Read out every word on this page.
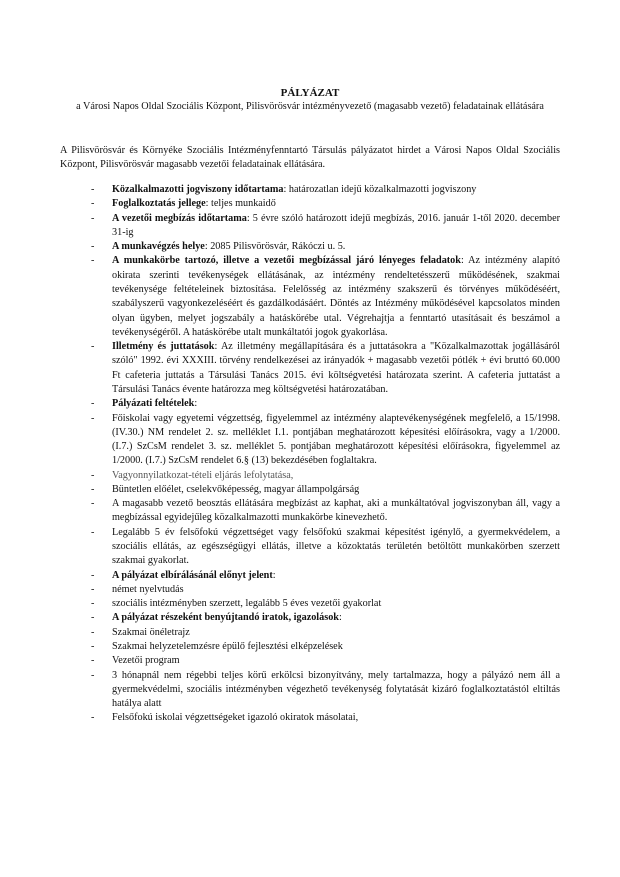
PÁLYÁZAT
a Városi Napos Oldal Szociális Központ, Pilisvörösvár intézményvezető (magasabb vezető) feladatainak ellátására
A Pilisvörösvár és Környéke Szociális Intézményfenntartó Társulás pályázatot hirdet a Városi Napos Oldal Szociális Központ, Pilisvörösvár magasabb vezetői feladatainak ellátására.
- Közalkalmazotti jogviszony időtartama: határozatlan idejű közalkalmazotti jogviszony
- Foglalkoztatás jellege: teljes munkaidő
- A vezetői megbízás időtartama: 5 évre szóló határozott idejű megbízás, 2016. január 1-től 2020. december 31-ig
- A munkavégzés helye: 2085 Pilisvörösvár, Rákóczi u. 5.
- A munkakörbe tartozó, illetve a vezetői megbízással járó lényeges feladatok: Az intézmény alapító okirata szerinti tevékenységek ellátásának, az intézmény rendeltetésszerű működésének, szakmai tevékenysége feltételeinek biztosítása. Felelősség az intézmény szakszerű és törvényes működéséért, szabályszerű vagyonkezeléséért és gazdálkodásáért. Döntés az Intézmény működésével kapcsolatos minden olyan ügyben, melyet jogszabály a hatáskörébe utal. Végrehajtja a fenntartó utasításait és beszámol a tevékenységéről. A hatáskörébe utalt munkáltatói jogok gyakorlása.
- Illetmény és juttatások: Az illetmény megállapítására és a juttatásokra a "Közalkalmazottak jogállásáról szóló" 1992. évi XXXIII. törvény rendelkezései az irányadók + magasabb vezetői pótlék + évi bruttó 60.000 Ft cafeteria juttatás a Társulási Tanács 2015. évi költségvetési határozata szerint. A cafeteria juttatást a Társulási Tanács évente határozza meg költségvetési határozatában.
- Pályázati feltételek:
- Főiskolai vagy egyetemi végzettség, figyelemmel az intézmény alaptevékenységének megfelelő, a 15/1998. (IV.30.) NM rendelet 2. sz. melléklet I.1. pontjában meghatározott képesítési előírásokra, vagy a 1/2000. (I.7.) SzCsM rendelet 3. sz. melléklet 5. pontjában meghatározott képesítési előírásokra, figyelemmel az 1/2000. (I.7.) SzCsM rendelet 6.§ (13) bekezdésében foglaltakra.
- Vagyonnyilatkozat-tételi eljárás lefolytatása,
- Büntetlen előélet, cselekvőképesség, magyar állampolgárság
- A magasabb vezető beosztás ellátására megbízást az kaphat, aki a munkáltatóval jogviszonyban áll, vagy a megbízással egyidejűleg közalkalmazotti munkakörbe kinevezhető.
- Legalább 5 év felsőfokú végzettséget vagy felsőfokú szakmai képesítést igénylő, a gyermekvédelem, a szociális ellátás, az egészségügyi ellátás, illetve a közoktatás területén betöltött munkakörben szerzett szakmai gyakorlat.
- A pályázat elbírálásánál előnyt jelent:
- német nyelvtudás
- szociális intézményben szerzett, legalább 5 éves vezetői gyakorlat
- A pályázat részeként benyújtandó iratok, igazolások:
- Szakmai önéletrajz
- Szakmai helyzetelemzésre épülő fejlesztési elképzelések
- Vezetői program
- 3 hónapnál nem régebbi teljes körű erkölcsi bizonyítvány, mely tartalmazza, hogy a pályázó nem áll a gyermekvédelmi, szociális intézményben végezhető tevékenység folytatását kizáró foglalkoztatástól eltiltás hatálya alatt
- Felsőfokú iskolai végzettségeket igazoló okiratok másolatai,
